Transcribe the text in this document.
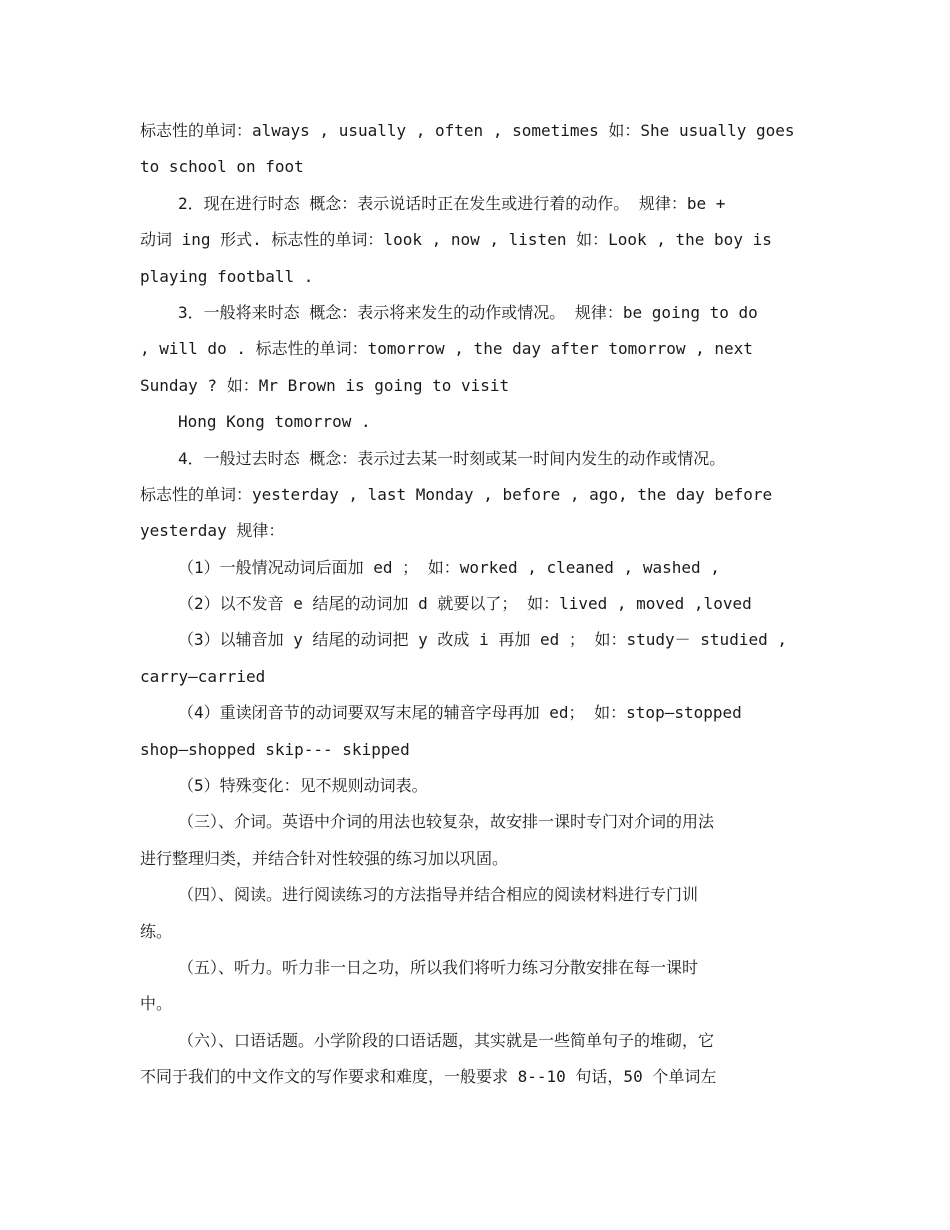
标志性的单词：always , usually , often , sometimes 如：She usually goes
to school on foot
2．现在进行时态 概念：表示说话时正在发生或进行着的动作。 规律：be +
动词 ing 形式. 标志性的单词：look , now , listen 如：Look , the boy is
playing football .
3．一般将来时态 概念：表示将来发生的动作或情况。 规律：be going to do
, will do . 标志性的单词：tomorrow , the day after tomorrow , next
Sunday ? 如：Mr Brown is going to visit
Hong Kong tomorrow .
4．一般过去时态 概念：表示过去某一时刻或某一时间内发生的动作或情况。
标志性的单词：yesterday , last Monday , before , ago, the day before
yesterday 规律：
（1）一般情况动词后面加 ed ； 如：worked , cleaned , washed ,
（2）以不发音 e 结尾的动词加 d 就要以了； 如：lived , moved ,loved
（3）以辅音加 y 结尾的动词把 y 改成 i 再加 ed ； 如：study－ studied ,
carry—carried
（4）重读闭音节的动词要双写末尾的辅音字母再加 ed； 如：stop—stopped
shop—shopped skip--- skipped
（5）特殊变化：见不规则动词表。
（三）、介词。英语中介词的用法也较复杂，故安排一课时专门对介词的用法
进行整理归类，并结合针对性较强的练习加以巩固。
（四）、阅读。进行阅读练习的方法指导并结合相应的阅读材料进行专门训
练。
（五）、听力。听力非一日之功，所以我们将听力练习分散安排在每一课时
中。
（六）、口语话题。小学阶段的口语话题，其实就是一些简单句子的堆砌，它
不同于我们的中文作文的写作要求和难度，一般要求 8--10 句话，50 个单词左
